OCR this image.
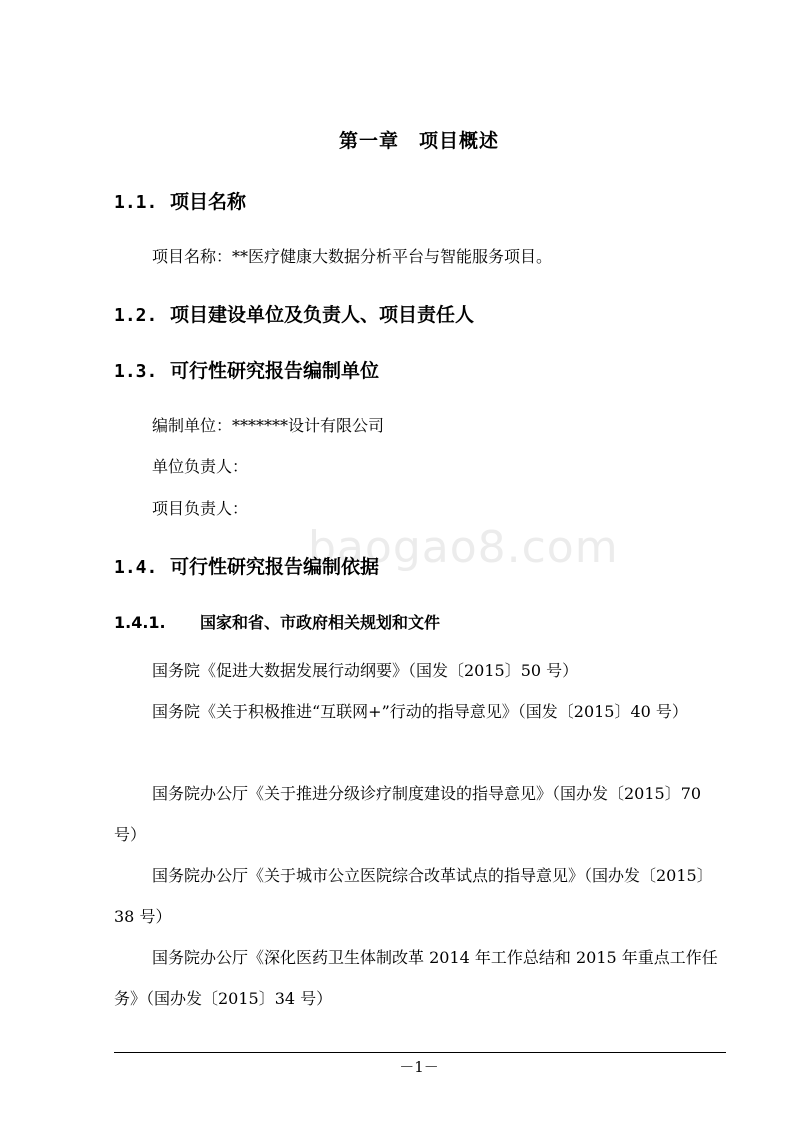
baogao8.com
第一章 项目概述
1.1. 项目名称
项目名称：**医疗健康大数据分析平台与智能服务项目。
1.2. 项目建设单位及负责人、项目责任人
1.3. 可行性研究报告编制单位
编制单位：*******设计有限公司
单位负责人：
项目负责人：
1.4. 可行性研究报告编制依据
1.4.1. 国家和省、市政府相关规划和文件
国务院《促进大数据发展行动纲要》（国发〔2015〕50 号）
国务院《关于积极推进“互联网+”行动的指导意见》（国发〔2015〕40 号）
国务院办公厅《关于推进分级诊疗制度建设的指导意见》（国办发〔2015〕70 号）
国务院办公厅《关于城市公立医院综合改革试点的指导意见》（国办发〔2015〕38 号）
国务院办公厅《深化医药卫生体制改革 2014 年工作总结和 2015 年重点工作任务》（国办发〔2015〕34 号）
－1－
